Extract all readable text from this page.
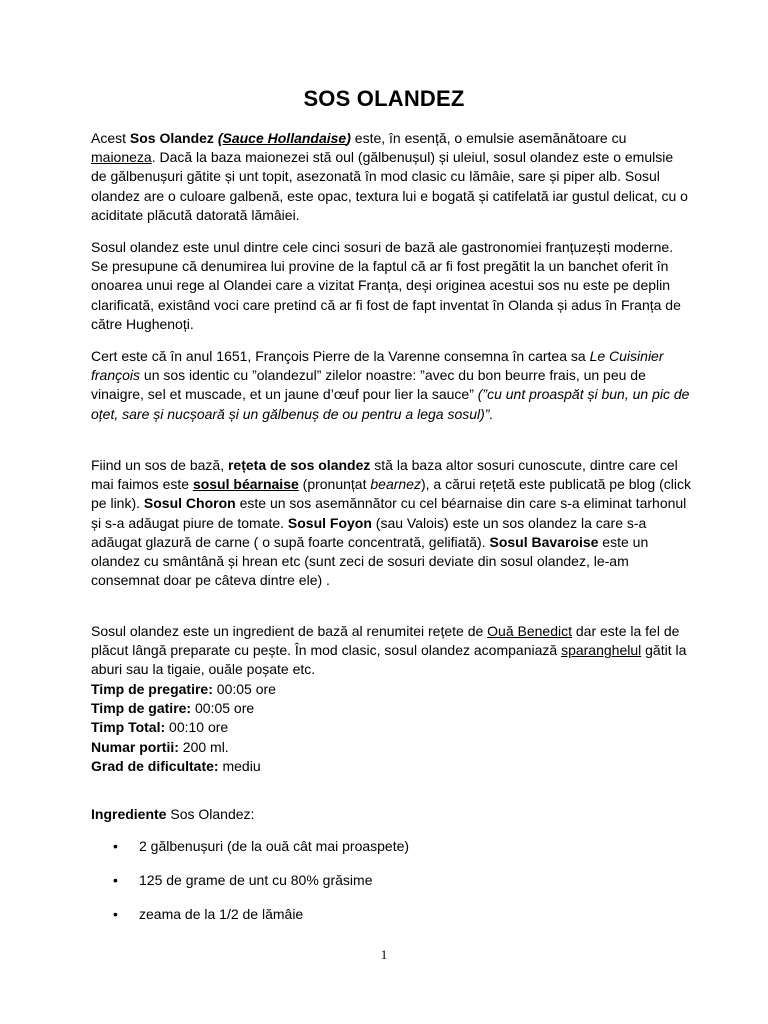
SOS OLANDEZ

Acest Sos Olandez (Sauce Hollandaise) este, în esență, o emulsie asemănătoare cu maioneza. Dacă la baza maionezei stă oul (gălbenușul) și uleiul, sosul olandez este o emulsie de gălbenușuri gătite și unt topit, asezonată în mod clasic cu lămâie, sare și piper alb. Sosul olandez are o culoare galbenă, este opac, textura lui e bogată și catifelată iar gustul delicat, cu o aciditate plăcută datorată lămâiei.

Sosul olandez este unul dintre cele cinci sosuri de bază ale gastronomiei franțuzești moderne. Se presupune că denumirea lui provine de la faptul că ar fi fost pregătit la un banchet oferit în onoarea unui rege al Olandei care a vizitat Franța, deși originea acestui sos nu este pe deplin clarificată, existând voci care pretind că ar fi fost de fapt inventat în Olanda și adus în Franța de către Hughenoți.

Cert este că în anul 1651, François Pierre de la Varenne consemna în cartea sa Le Cuisinier françois un sos identic cu ”olandezul” zilelor noastre: ”avec du bon beurre frais, un peu de vinaigre, sel et muscade, et un jaune d’œuf pour lier la sauce” (”cu unt proaspăt și bun, un pic de oțet, sare și nucșoară și un gălbenuș de ou pentru a lega sosul)”.

Fiind un sos de bază, rețeta de sos olandez stă la baza altor sosuri cunoscute, dintre care cel mai faimos este sosul béarnaise (pronunțat bearnez), a cărui rețetă este publicată pe blog (click pe link). Sosul Choron este un sos asemănnător cu cel béarnaise din care s-a eliminat tarhonul și s-a adăugat piure de tomate. Sosul Foyon (sau Valois) este un sos olandez la care s-a adăugat glazură de carne ( o supă foarte concentrată, gelifiată). Sosul Bavaroise este un olandez cu smântână și hrean etc (sunt zeci de sosuri deviate din sosul olandez, le-am consemnat doar pe câteva dintre ele) .

Sosul olandez este un ingredient de bază al renumitei rețete de Ouă Benedict dar este la fel de plăcut lângă preparate cu pește. În mod clasic, sosul olandez acompaniază sparanghelul gătit la aburi sau la tigaie, ouăle poșate etc.

Timp de pregatire: 00:05 ore
Timp de gatire: 00:05 ore
Timp Total: 00:10 ore
Numar portii: 200 ml.
Grad de dificultate: mediu

Ingrediente Sos Olandez:

• 2 gălbenușuri (de la ouă cât mai proaspete)
• 125 de grame de unt cu 80% grăsime
• zeama de la 1/2 de lămâie
1
